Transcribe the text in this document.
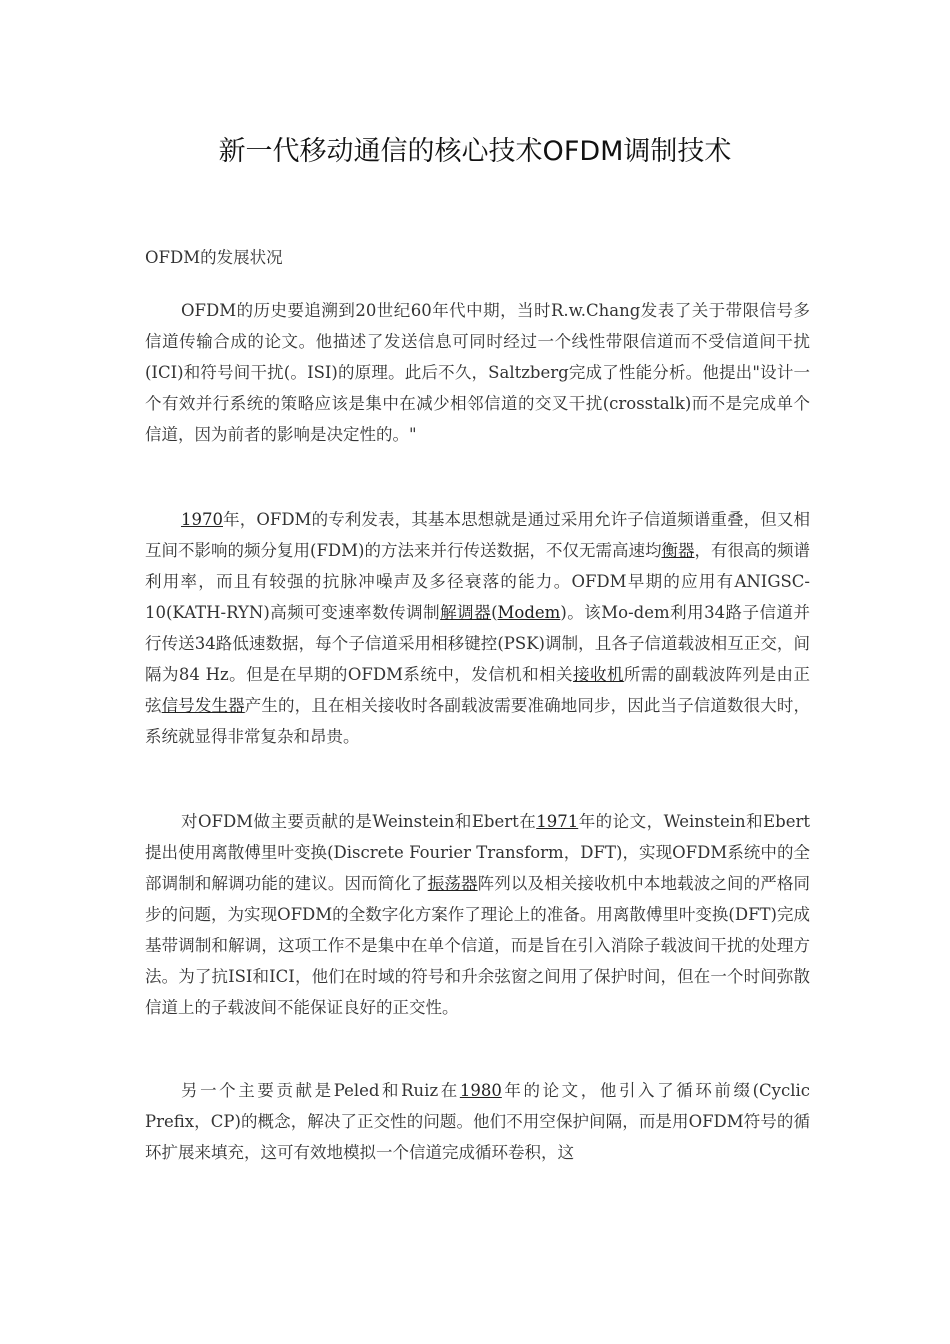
新一代移动通信的核心技术OFDM调制技术
OFDM的发展状况

OFDM的历史要追溯到20世纪60年代中期，当时R.w.Chang发表了关于带限信号多信道传输合成的论文。他描述了发送信息可同时经过一个线性带限信道而不受信道间干扰(ICI)和符号间干扰(。ISI)的原理。此后不久，Saltzberg完成了性能分析。他提出"设计一个有效并行系统的策略应该是集中在减少相邻信道的交叉干扰(crosstalk)而不是完成单个信道，因为前者的影响是决定性的。"

1970年，OFDM的专利发表，其基本思想就是通过采用允许子信道频谱重叠，但又相互间不影响的频分复用(FDM)的方法来并行传送数据，不仅无需高速均衡器，有很高的频谱利用率，而且有较强的抗脉冲噪声及多径衰落的能力。OFDM早期的应用有ANIGSC-10(KATH-RYN)高频可变速率数传调制解调器(Modem)。该Mo-dem利用34路子信道并行传送34路低速数据，每个子信道采用相移键控(PSK)调制，且各子信道载波相互正交，间隔为84 Hz。但是在早期的OFDM系统中，发信机和相关接收机所需的副载波阵列是由正弦信号发生器产生的，且在相关接收时各副载波需要准确地同步，因此当子信道数很大时，系统就显得非常复杂和昂贵。

对OFDM做主要贡献的是Weinstein和Ebert在1971年的论文，Weinstein和Ebert提出使用离散傅里叶变换(Discrete Fourier Transform，DFT)，实现OFDM系统中的全部调制和解调功能的建议。因而简化了振荡器阵列以及相关接收机中本地载波之间的严格同步的问题，为实现OFDM的全数字化方案作了理论上的准备。用离散傅里叶变换(DFT)完成基带调制和解调，这项工作不是集中在单个信道，而是旨在引入消除子载波间干扰的处理方法。为了抗ISI和ICI，他们在时域的符号和升余弦窗之间用了保护时间，但在一个时间弥散信道上的子载波间不能保证良好的正交性。

另一个主要贡献是Peled和Ruiz在1980年的论文，他引入了循环前缀(Cyclic Prefix，CP)的概念，解决了正交性的问题。他们不用空保护间隔，而是用OFDM符号的循环扩展来填充，这可有效地模拟一个信道完成循环卷积，这
